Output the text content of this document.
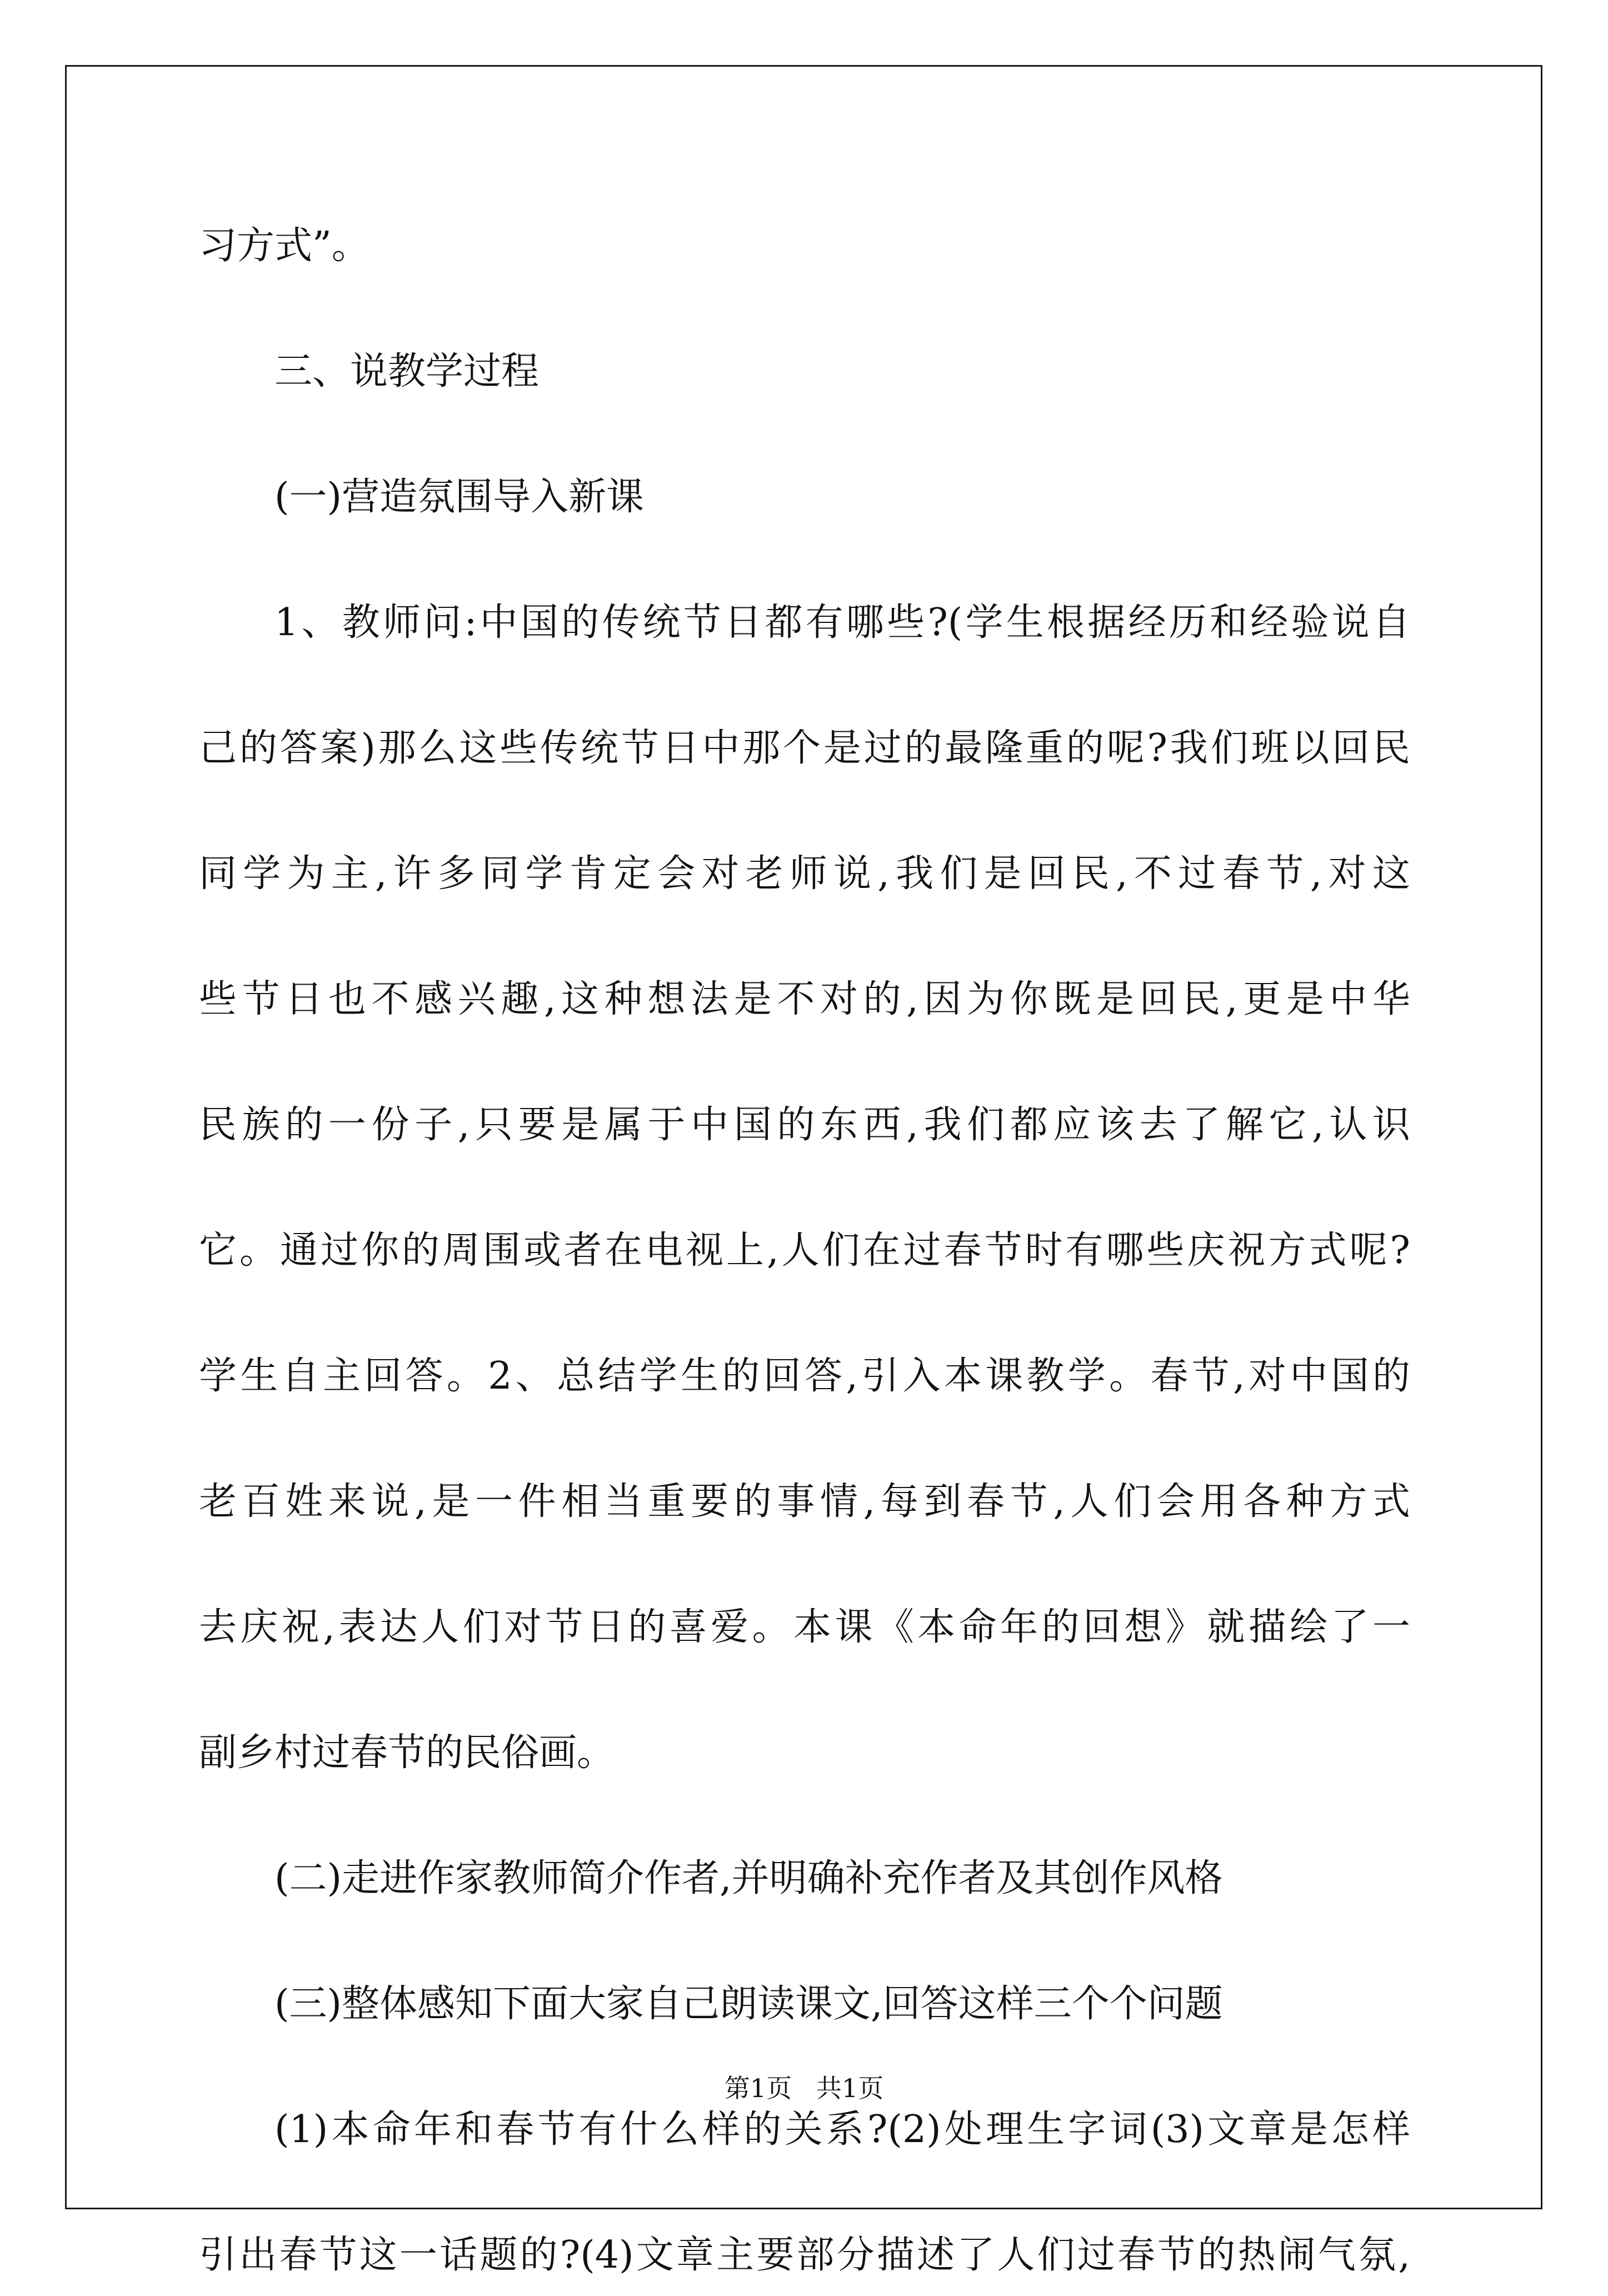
习方式”。
三、说教学过程
(一)营造氛围导入新课
1、教师问:中国的传统节日都有哪些?(学生根据经历和经验说自
己的答案)那么这些传统节日中那个是过的最隆重的呢?我们班以回民
同学为主,许多同学肯定会对老师说,我们是回民,不过春节,对这
些节日也不感兴趣,这种想法是不对的,因为你既是回民,更是中华
民族的一份子,只要是属于中国的东西,我们都应该去了解它,认识
它。通过你的周围或者在电视上,人们在过春节时有哪些庆祝方式呢?
学生自主回答。2、总结学生的回答,引入本课教学。春节,对中国的
老百姓来说,是一件相当重要的事情,每到春节,人们会用各种方式
去庆祝,表达人们对节日的喜爱。本课《本命年的回想》就描绘了一
副乡村过春节的民俗画。
(二)走进作家教师简介作者,并明确补充作者及其创作风格
(三)整体感知下面大家自己朗读课文,回答这样三个个问题
(1)本命年和春节有什么样的关系?(2)处理生字词(3)文章是怎样
引出春节这一话题的?(4)文章主要部分描述了人们过春节的热闹气氛,
第1页   共1页
